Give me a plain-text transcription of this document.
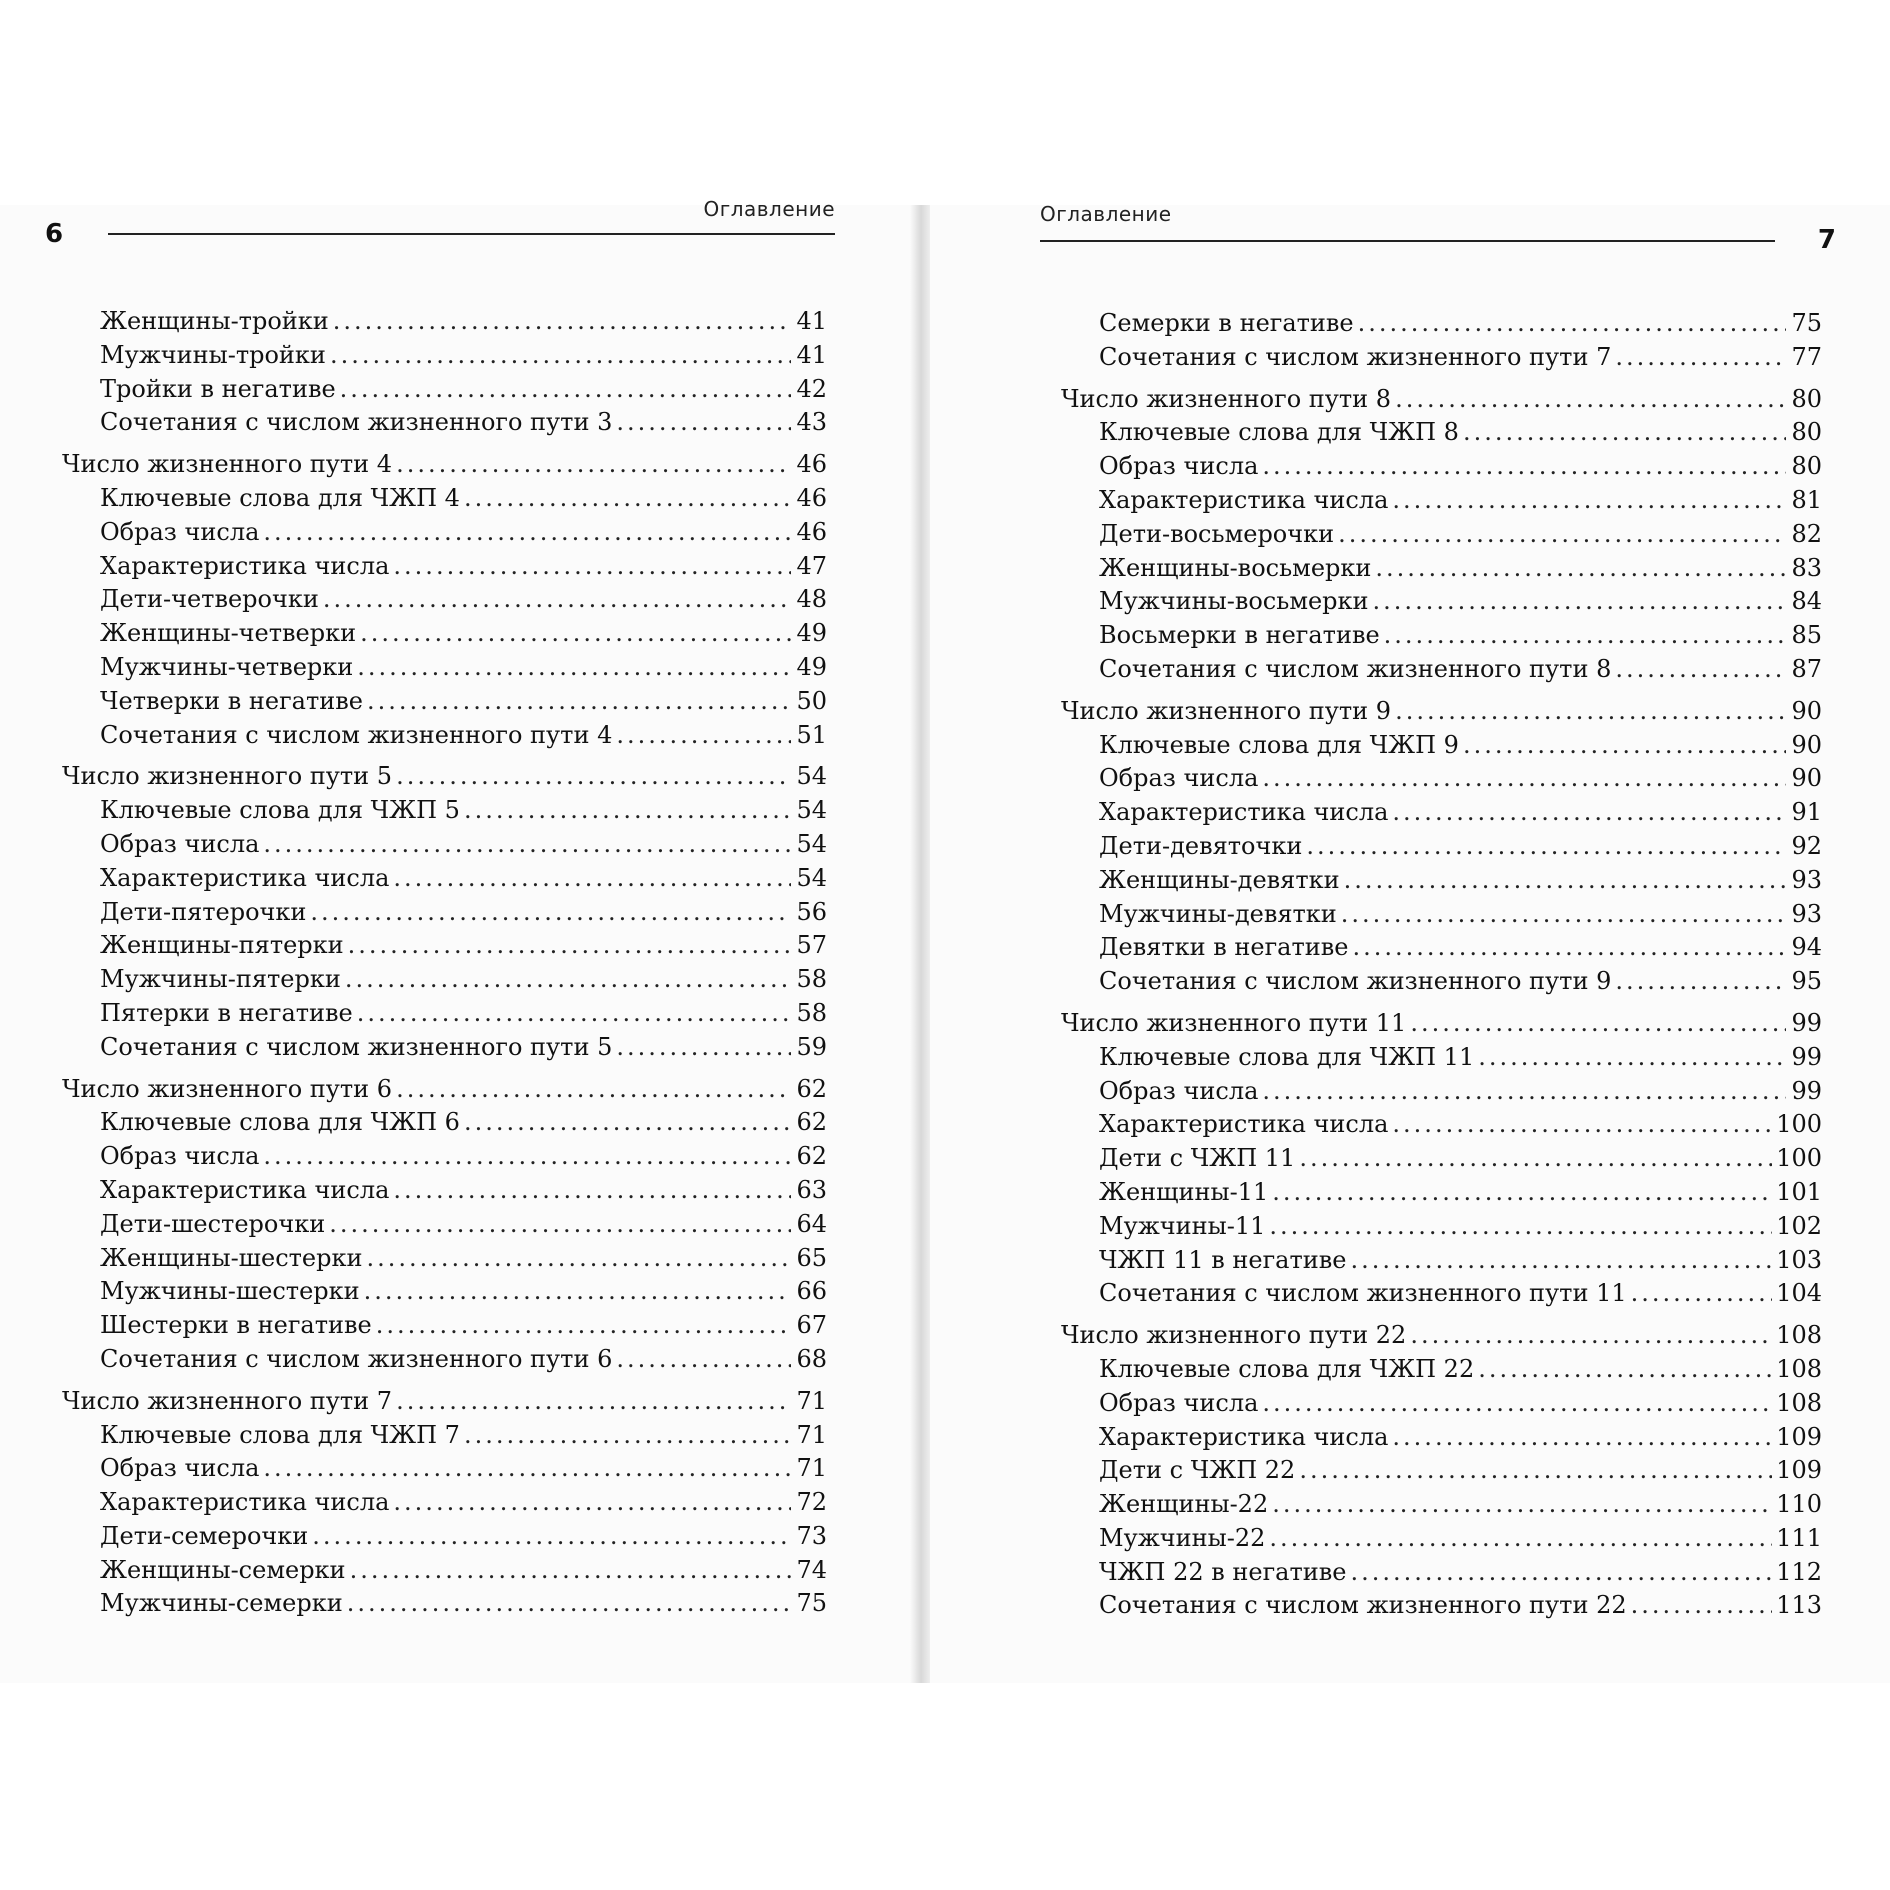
6
Оглавление
Женщины-тройки .....	41
Мужчины-тройки .....	41
Тройки в негативе .....	42
Сочетания с числом жизненного пути 3 .....	43
Число жизненного пути 4 .....	46
Ключевые слова для ЧЖП 4 .....	46
Образ числа .....	46
Характеристика числа .....	47
Дети-четверочки .....	48
Женщины-четверки .....	49
Мужчины-четверки .....	49
Четверки в негативе .....	50
Сочетания с числом жизненного пути 4 .....	51
Число жизненного пути 5 .....	54
Ключевые слова для ЧЖП 5 .....	54
Образ числа .....	54
Характеристика числа .....	54
Дети-пятерочки .....	56
Женщины-пятерки .....	57
Мужчины-пятерки .....	58
Пятерки в негативе .....	58
Сочетания с числом жизненного пути 5 .....	59
Число жизненного пути 6 .....	62
Ключевые слова для ЧЖП 6 .....	62
Образ числа .....	62
Характеристика числа .....	63
Дети-шестерочки .....	64
Женщины-шестерки .....	65
Мужчины-шестерки .....	66
Шестерки в негативе .....	67
Сочетания с числом жизненного пути 6 .....	68
Число жизненного пути 7 .....	71
Ключевые слова для ЧЖП 7 .....	71
Образ числа .....	71
Характеристика числа .....	72
Дети-семерочки .....	73
Женщины-семерки .....	74
Мужчины-семерки .....	75
Оглавление
7
Семерки в негативе .....	75
Сочетания с числом жизненного пути 7 .....	77
Число жизненного пути 8 .....	80
Ключевые слова для ЧЖП 8 .....	80
Образ числа .....	80
Характеристика числа .....	81
Дети-восьмерочки .....	82
Женщины-восьмерки .....	83
Мужчины-восьмерки .....	84
Восьмерки в негативе .....	85
Сочетания с числом жизненного пути 8 .....	87
Число жизненного пути 9 .....	90
Ключевые слова для ЧЖП 9 .....	90
Образ числа .....	90
Характеристика числа .....	91
Дети-девяточки .....	92
Женщины-девятки .....	93
Мужчины-девятки .....	93
Девятки в негативе .....	94
Сочетания с числом жизненного пути 9 .....	95
Число жизненного пути 11 .....	99
Ключевые слова для ЧЖП 11 .....	99
Образ числа .....	99
Характеристика числа .....	100
Дети с ЧЖП 11 .....	100
Женщины-11 .....	101
Мужчины-11 .....	102
ЧЖП 11 в негативе .....	103
Сочетания с числом жизненного пути 11 .....	104
Число жизненного пути 22 .....	108
Ключевые слова для ЧЖП 22 .....	108
Образ числа .....	108
Характеристика числа .....	109
Дети с ЧЖП 22 .....	109
Женщины-22 .....	110
Мужчины-22 .....	111
ЧЖП 22 в негативе .....	112
Сочетания с числом жизненного пути 22 .....	113
